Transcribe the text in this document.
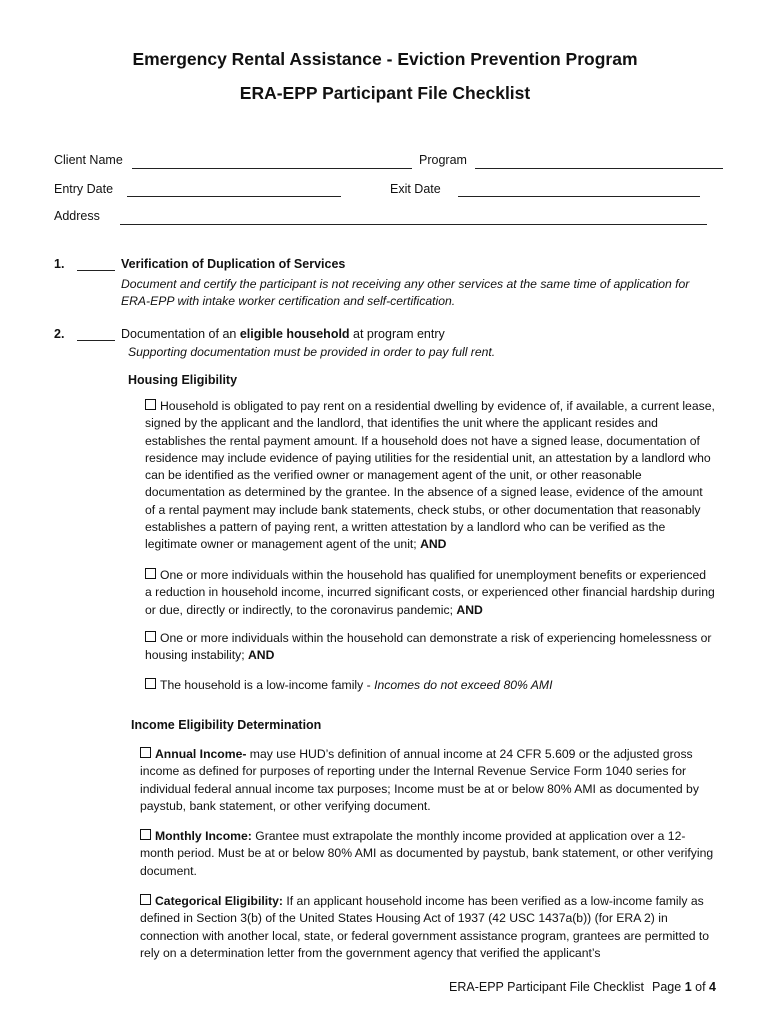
Emergency Rental Assistance - Eviction Prevention Program
ERA-EPP Participant File Checklist
Client Name	Program
Entry Date	Exit Date
Address
1.	Verification of Duplication of Services
Document and certify the participant is not receiving any other services at the same time of application for ERA-EPP with intake worker certification and self-certification.
2.	Documentation of an eligible household at program entry
Supporting documentation must be provided in order to pay full rent.
Housing Eligibility
Household is obligated to pay rent on a residential dwelling by evidence of, if available, a current lease, signed by the applicant and the landlord, that identifies the unit where the applicant resides and establishes the rental payment amount. If a household does not have a signed lease, documentation of residence may include evidence of paying utilities for the residential unit, an attestation by a landlord who can be identified as the verified owner or management agent of the unit, or other reasonable documentation as determined by the grantee. In the absence of a signed lease, evidence of the amount of a rental payment may include bank statements, check stubs, or other documentation that reasonably establishes a pattern of paying rent, a written attestation by a landlord who can be verified as the legitimate owner or management agent of the unit; AND
One or more individuals within the household has qualified for unemployment benefits or experienced a reduction in household income, incurred significant costs, or experienced other financial hardship during or due, directly or indirectly, to the coronavirus pandemic; AND
One or more individuals within the household can demonstrate a risk of experiencing homelessness or housing instability; AND
The household is a low-income family - Incomes do not exceed 80% AMI
Income Eligibility Determination
Annual Income- may use HUD’s definition of annual income at 24 CFR 5.609 or the adjusted gross income as defined for purposes of reporting under the Internal Revenue Service Form 1040 series for individual federal annual income tax purposes; Income must be at or below 80% AMI as documented by paystub, bank statement, or other verifying document.
Monthly Income: Grantee must extrapolate the monthly income provided at application over a 12-month period. Must be at or below 80% AMI as documented by paystub, bank statement, or other verifying document.
Categorical Eligibility: If an applicant household income has been verified as a low-income family as defined in Section 3(b) of the United States Housing Act of 1937 (42 USC 1437a(b)) (for ERA 2) in connection with another local, state, or federal government assistance program, grantees are permitted to rely on a determination letter from the government agency that verified the applicant’s
ERA-EPP Participant File Checklist Page 1 of 4
